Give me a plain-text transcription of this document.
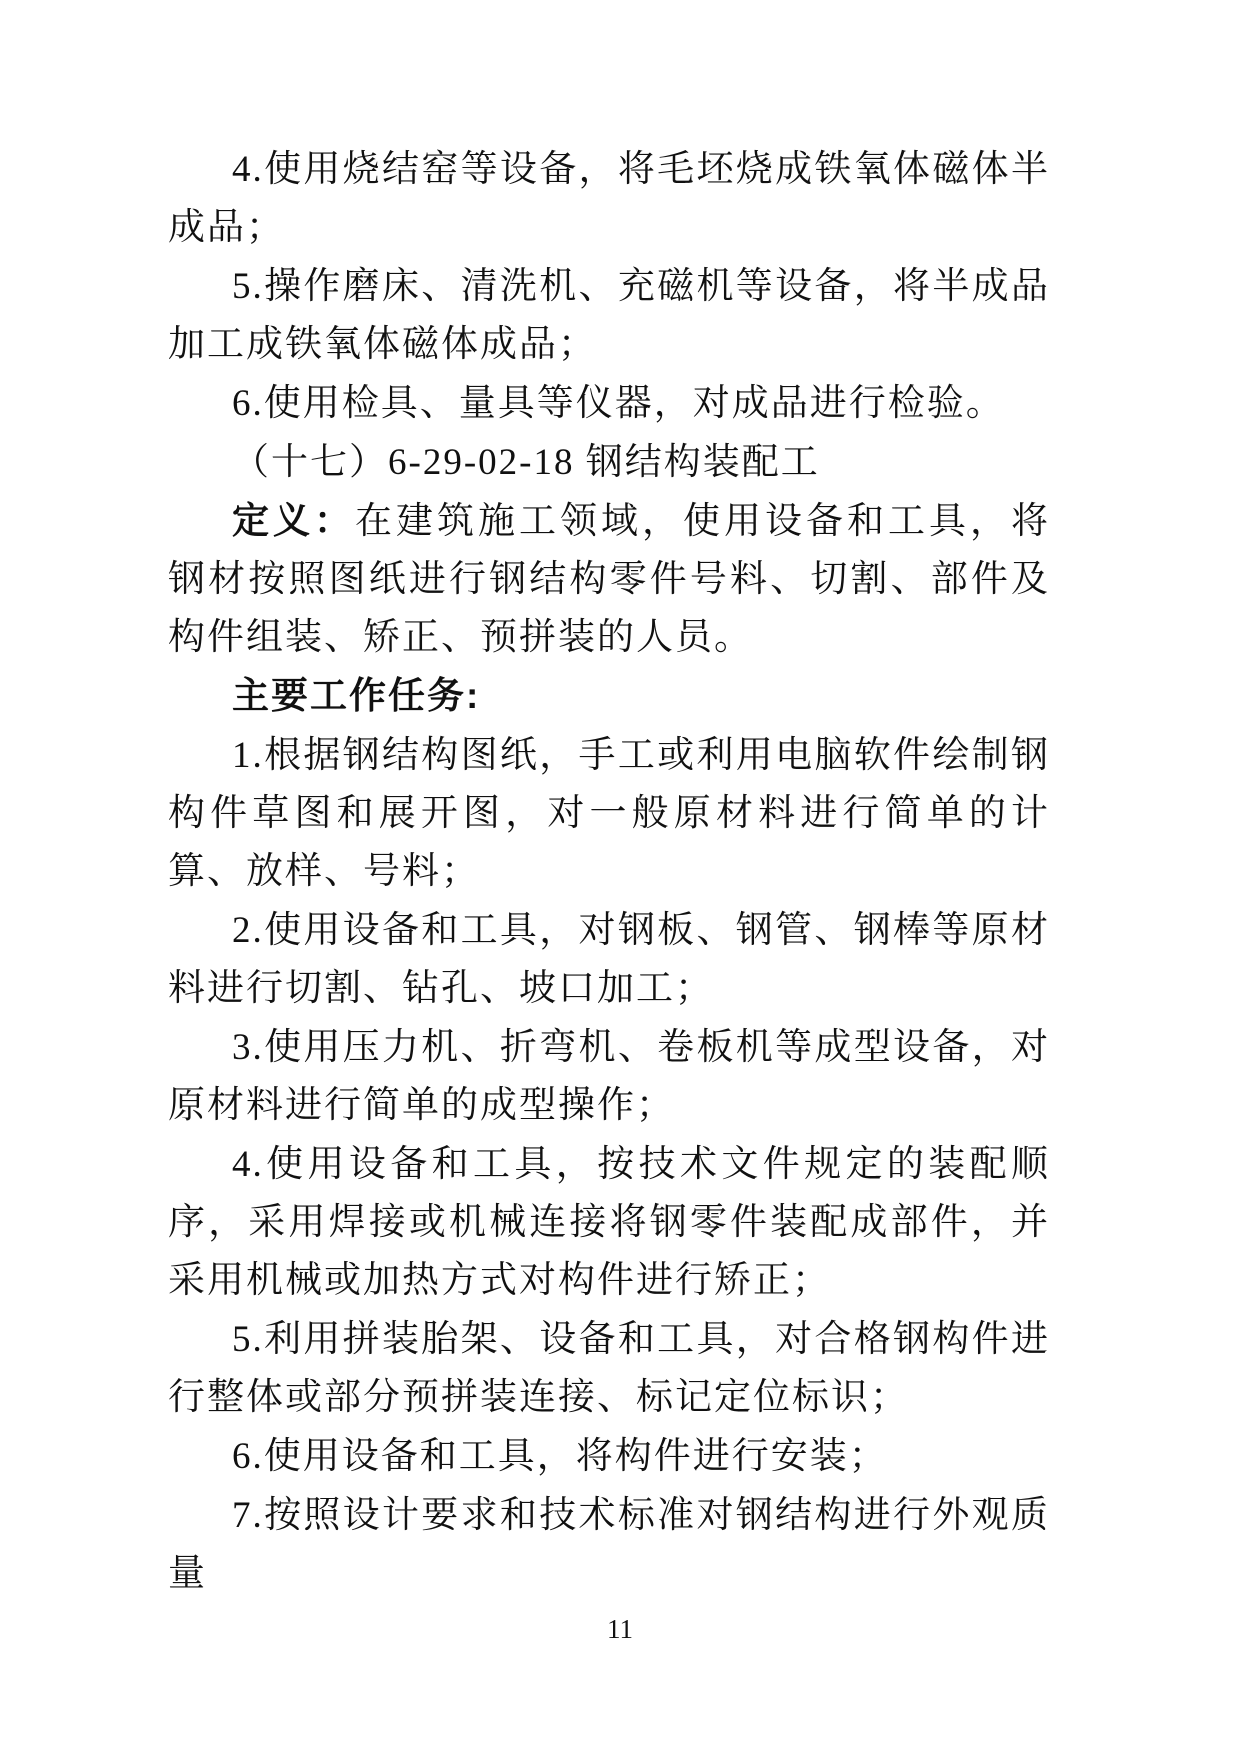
4.使用烧结窑等设备，将毛坯烧成铁氧体磁体半成品；

5.操作磨床、清洗机、充磁机等设备，将半成品加工成铁氧体磁体成品；

6.使用检具、量具等仪器，对成品进行检验。

（十七）6-29-02-18 钢结构装配工

定义：在建筑施工领域，使用设备和工具，将钢材按照图纸进行钢结构零件号料、切割、部件及构件组装、矫正、预拼装的人员。

主要工作任务:

1.根据钢结构图纸，手工或利用电脑软件绘制钢构件草图和展开图，对一般原材料进行简单的计算、放样、号料；

2.使用设备和工具，对钢板、钢管、钢棒等原材料进行切割、钻孔、坡口加工；

3.使用压力机、折弯机、卷板机等成型设备，对原材料进行简单的成型操作；

4.使用设备和工具，按技术文件规定的装配顺序，采用焊接或机械连接将钢零件装配成部件，并采用机械或加热方式对构件进行矫正；

5.利用拼装胎架、设备和工具，对合格钢构件进行整体或部分预拼装连接、标记定位标识；

6.使用设备和工具，将构件进行安装；

7.按照设计要求和技术标准对钢结构进行外观质量

11
